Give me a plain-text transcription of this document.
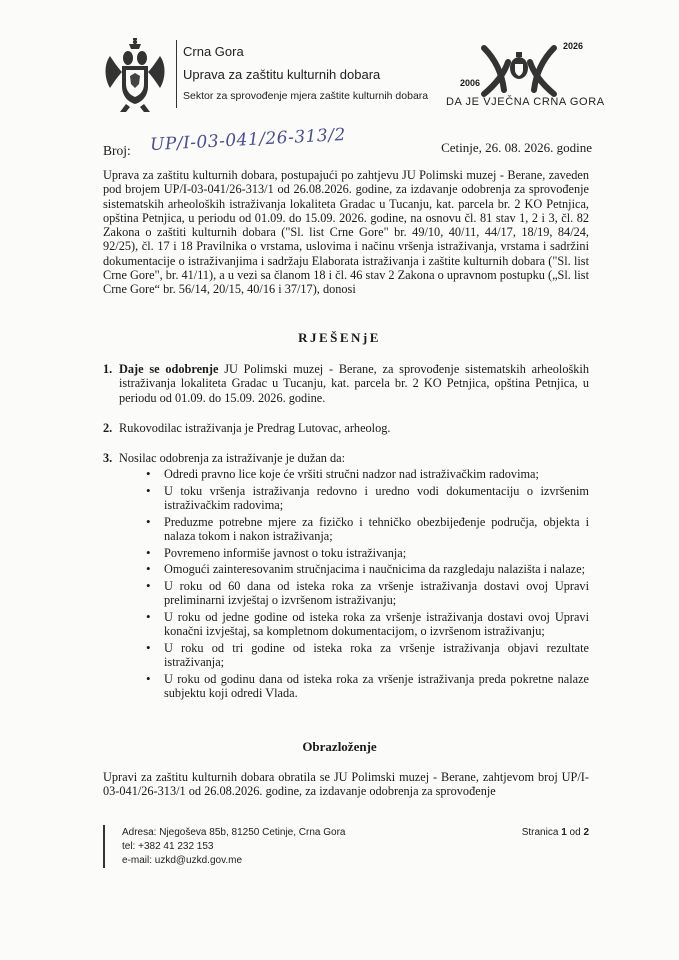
Crna Gora
Uprava za zaštitu kulturnih dobara
Sektor za sprovođenje mjera zaštite kulturnih dobara
2006
2026
DA JE VJEČNA CRNA GORA
Broj: UP/I-03-041/26-313/2	Cetinje, 26. 08. 2026. godine
Uprava za zaštitu kulturnih dobara, postupajući po zahtjevu JU Polimski muzej - Berane, zaveden pod brojem UP/I-03-041/26-313/1 od 26.08.2026. godine, za izdavanje odobrenja za sprovođenje sistematskih arheoloških istraživanja lokaliteta Gradac u Tucanju, kat. parcela br. 2 KO Petnjica, opština Petnjica, u periodu od 01.09. do 15.09. 2026. godine, na osnovu čl. 81 stav 1, 2 i 3, čl. 82 Zakona o zaštiti kulturnih dobara ("Sl. list Crne Gore" br. 49/10, 40/11, 44/17, 18/19, 84/24, 92/25), čl. 17 i 18 Pravilnika o vrstama, uslovima i načinu vršenja istraživanja, vrstama i sadržini dokumentacije o istraživanjima i sadržaju Elaborata istraživanja i zaštite kulturnih dobara ("Sl. list Crne Gore", br. 41/11), a u vezi sa članom 18 i čl. 46 stav 2 Zakona o upravnom postupku („Sl. list Crne Gore“ br. 56/14, 20/15, 40/16 i 37/17), donosi
RJEŠENjE
1. Daje se odobrenje JU Polimski muzej - Berane, za sprovođenje sistematskih arheoloških istraživanja lokaliteta Gradac u Tucanju, kat. parcela br. 2 KO Petnjica, opština Petnjica, u periodu od 01.09. do 15.09. 2026. godine.
2. Rukovodilac istraživanja je Predrag Lutovac, arheolog.
3. Nosilac odobrenja za istraživanje je dužan da:
• Odredi pravno lice koje će vršiti stručni nadzor nad istraživačkim radovima;
• U toku vršenja istraživanja redovno i uredno vodi dokumentaciju o izvršenim istraživačkim radovima;
• Preduzme potrebne mjere za fizičko i tehničko obezbijeđenje područja, objekta i nalaza tokom i nakon istraživanja;
• Povremeno informiše javnost o toku istraživanja;
• Omogući zainteresovanim stručnjacima i naučnicima da razgledaju nalazišta i nalaze;
• U roku od 60 dana od isteka roka za vršenje istraživanja dostavi ovoj Upravi preliminarni izvještaj o izvršenom istraživanju;
• U roku od jedne godine od isteka roka za vršenje istraživanja dostavi ovoj Upravi konačni izvještaj, sa kompletnom dokumentacijom, o izvršenom istraživanju;
• U roku od tri godine od isteka roka za vršenje istraživanja objavi rezultate istraživanja;
• U roku od godinu dana od isteka roka za vršenje istraživanja preda pokretne nalaze subjektu koji odredi Vlada.
Obrazloženje
Upravi za zaštitu kulturnih dobara obratila se JU Polimski muzej - Berane, zahtjevom broj UP/I-03-041/26-313/1 od 26.08.2026. godine, za izdavanje odobrenja za sprovođenje
Adresa: Njegoševa 85b, 81250 Cetinje, Crna Gora
tel: +382 41 232 153
e-mail: uzkd@uzkd.gov.me
Stranica 1 od 2
